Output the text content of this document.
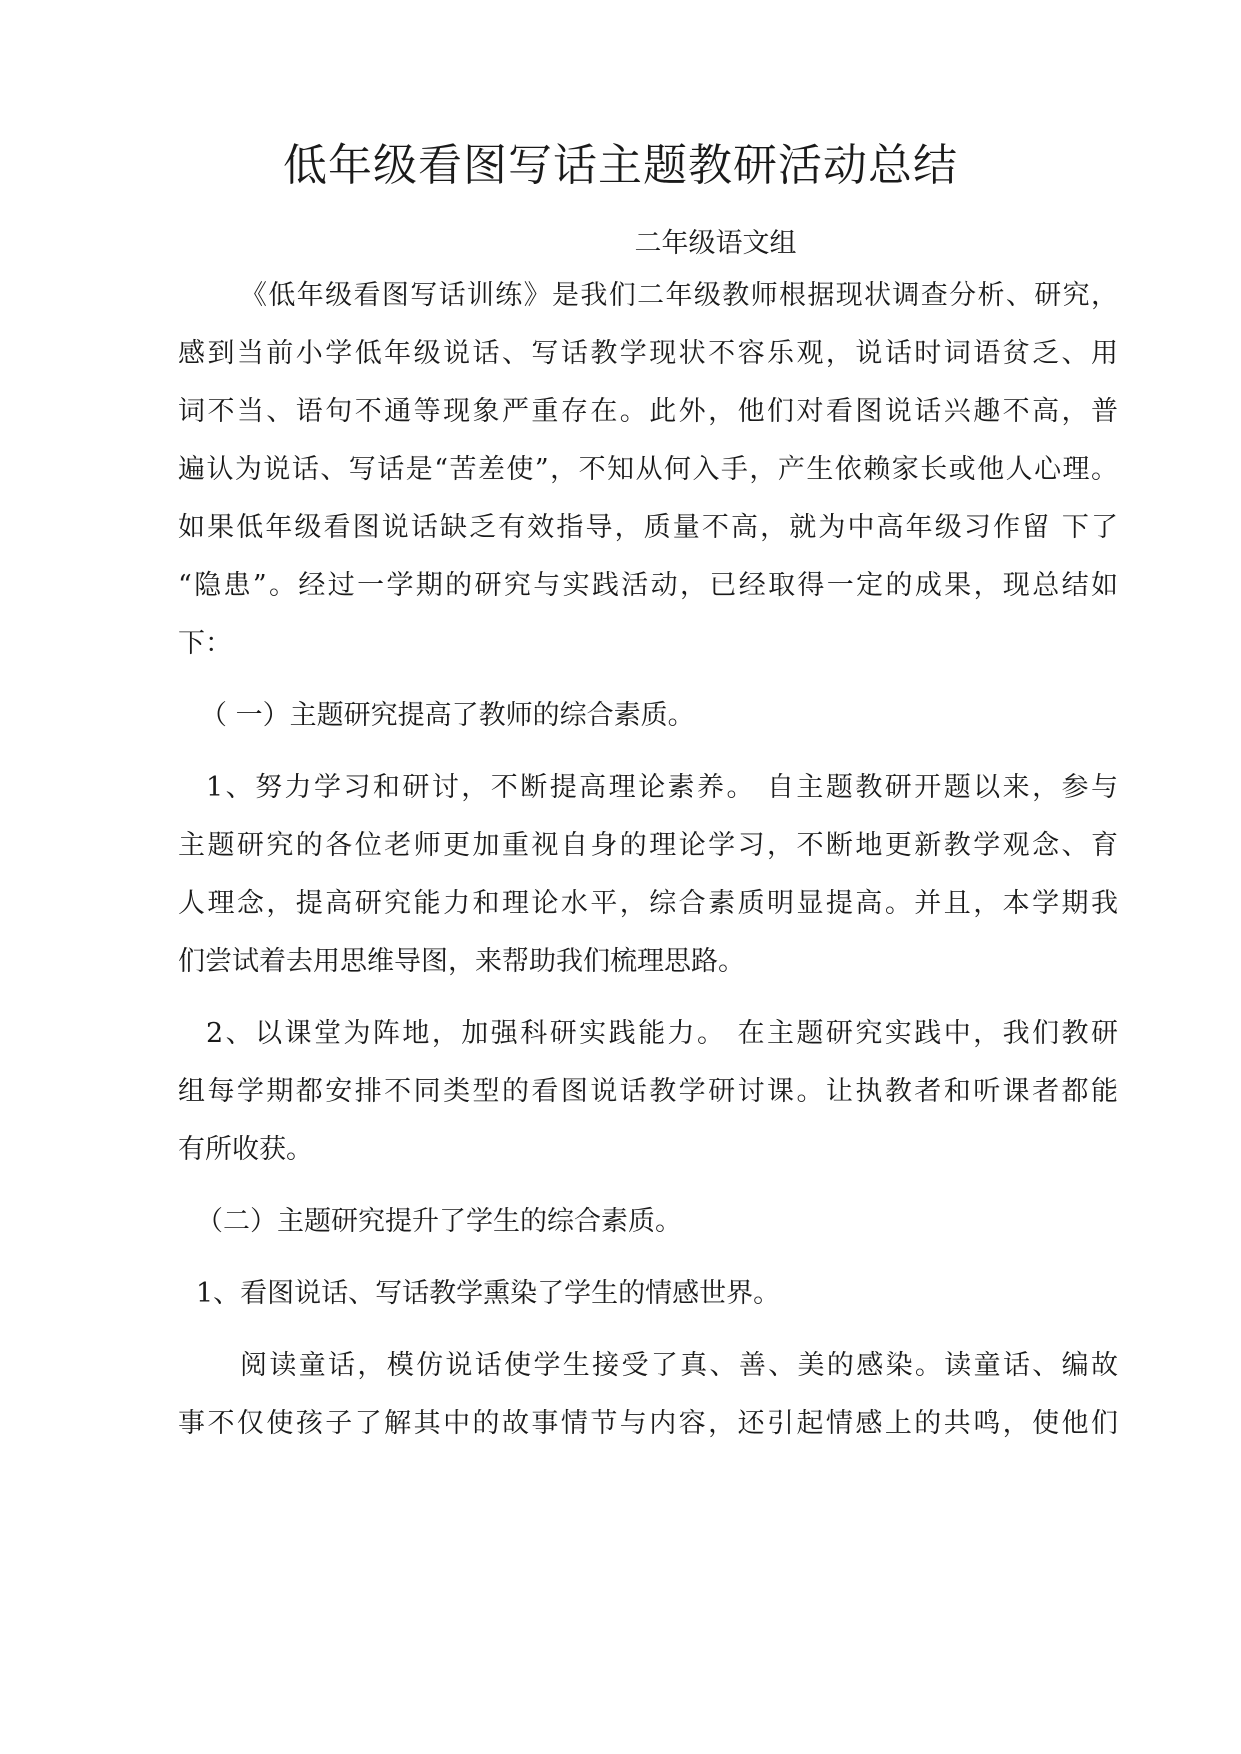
低年级看图写话主题教研活动总结
二年级语文组
《低年级看图写话训练》是我们二年级教师根据现状调查分析、研究，
感到当前小学低年级说话、写话教学现状不容乐观，说话时词语贫乏、用
词不当、语句不通等现象严重存在。此外，他们对看图说话兴趣不高，普
遍认为说话、写话是“苦差使”，不知从何入手，产生依赖家长或他人心理。
如果低年级看图说话缺乏有效指导，质量不高，就为中高年级习作留 下了
“隐患”。经过一学期的研究与实践活动，已经取得一定的成果，现总结如
下：
（ 一）主题研究提高了教师的综合素质。
1、努力学习和研讨，不断提高理论素养。 自主题教研开题以来，参与
主题研究的各位老师更加重视自身的理论学习，不断地更新教学观念、育
人理念，提高研究能力和理论水平，综合素质明显提高。并且，本学期我
们尝试着去用思维导图，来帮助我们梳理思路。
2、以课堂为阵地，加强科研实践能力。 在主题研究实践中，我们教研
组每学期都安排不同类型的看图说话教学研讨课。让执教者和听课者都能
有所收获。
（二）主题研究提升了学生的综合素质。
1、看图说话、写话教学熏染了学生的情感世界。
阅读童话，模仿说话使学生接受了真、善、美的感染。读童话、编故
事不仅使孩子了解其中的故事情节与内容，还引起情感上的共鸣，使他们
